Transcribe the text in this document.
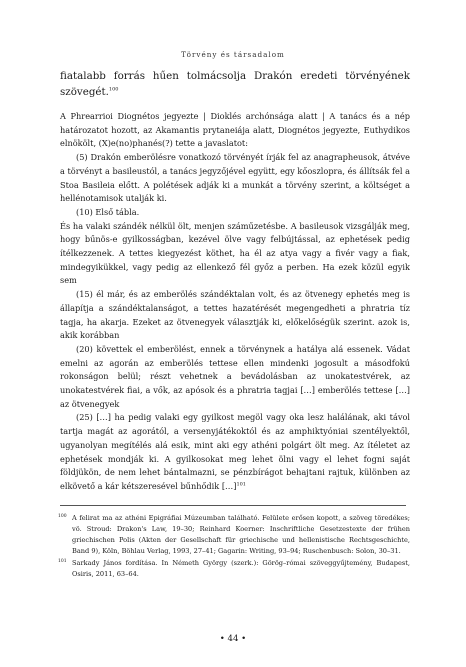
Törvény és társadalom

fiatalabb forrás hűen tolmácsolja Drakón eredeti törvényének szövegét.$^{100}$

A Phrearrioi Diognétos jegyezte | Dioklés archónsága alatt | A tanács és a nép határozatot hozott, az Akamantis prytaneiája alatt, Diognétos jegyezte, Euthydikos elnökölt, (X)e(no)phanés(?) tette a javaslatot:

(5) Drakón emberölésre vonatkozó törvényét írják fel az anagrapheusok, átvéve a törvényt a basileustól, a tanács jegyzőjével együtt, egy kőoszlopra, és állítsák fel a Stoa Basileia előtt. A polétések adják ki a munkát a törvény szerint, a költséget a hellénotamisok utalják ki.

(10) Első tábla.

És ha valaki szándék nélkül ölt, menjen száműzetésbe. A basileusok vizsgálják meg, hogy bűnös-e gyilkosságban, kezével ölve vagy felbújtással, az ephetések pedig ítélkezzenek. A tettes kiegyezést köthet, ha él az atya vagy a fivér vagy a fiak, mindegyikükkel, vagy pedig az ellenkező fél győz a perben. Ha ezek közül egyik sem

(15) él már, és az emberölés szándéktalan volt, és az ötvenegy ephetés meg is állapítja a szándéktalanságot, a tettes hazatérését megengedheti a phratria tíz tagja, ha akarja. Ezeket az ötvenegyek választják ki, előkelőségük szerint. azok is, akik korábban

(20) követtek el emberölést, ennek a törvénynek a hatálya alá essenek. Vádat emelni az agorán az emberölés tettese ellen mindenki jogosult a másodfokú rokonságon belül; részt vehetnek a bevádolásban az unokatestvérek, az unokatestvérek fiai, a vők, az apósok és a phratria tagjai […] emberölés tettese […] az ötvenegyek

(25) […] ha pedig valaki egy gyilkost megöl vagy oka lesz halálának, aki távol tartja magát az agorától, a versenyjátékoktól és az amphiktyóniai szentélyektől, ugyanolyan megítélés alá esik, mint aki egy athéni polgárt ölt meg. Az ítéletet az ephetések mondják ki. A gyilkosokat meg lehet ölni vagy el lehet fogni saját földjükön, de nem lehet bántalmazni, se pénzbírágot behajtani rajtuk, különben az elkövető a kár kétszeresével bűnhődik […]$^{101}$

100 A felirat ma az athéni Epigráfiai Múzeumban található. Felülete erősen kopott, a szöveg töredékes; vö. Stroud: Drakon's Law, 19–30; Reinhard Koerner: Inschriftliche Gesetzestexte der frühen griechischen Polis (Akten der Gesellschaft für griechische und hellenistische Rechtsgeschichte, Band 9), Köln, Böhlau Verlag, 1993, 27–41; Gagarin: Writing, 93–94; Ruschenbusch: Solon, 30–31.

101 Sarkady János fordítása. In Németh György (szerk.): Görög–római szöveggyűjtemény, Budapest, Osiris, 2011, 63–64.

• 44 •
